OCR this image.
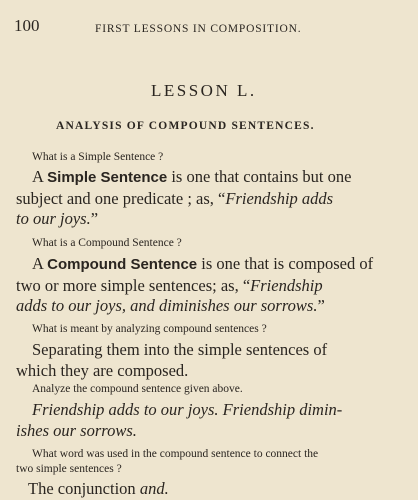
100	FIRST LESSONS IN COMPOSITION.
LESSON L.
ANALYSIS OF COMPOUND SENTENCES.
What is a Simple Sentence ?
A Simple Sentence is one that contains but one
subject and one predicate ; as, “Friendship adds
to our joys.”
What is a Compound Sentence ?
A Compound Sentence is one that is composed of
two or more simple sentences; as, “Friendship
adds to our joys, and diminishes our sorrows.”
What is meant by analyzing compound sentences ?
Separating them into the simple sentences of
which they are composed.
Analyze the compound sentence given above.
Friendship adds to our joys. Friendship dimin-
ishes our sorrows.
What word was used in the compound sentence to connect the
two simple sentences ?
The conjunction and.
